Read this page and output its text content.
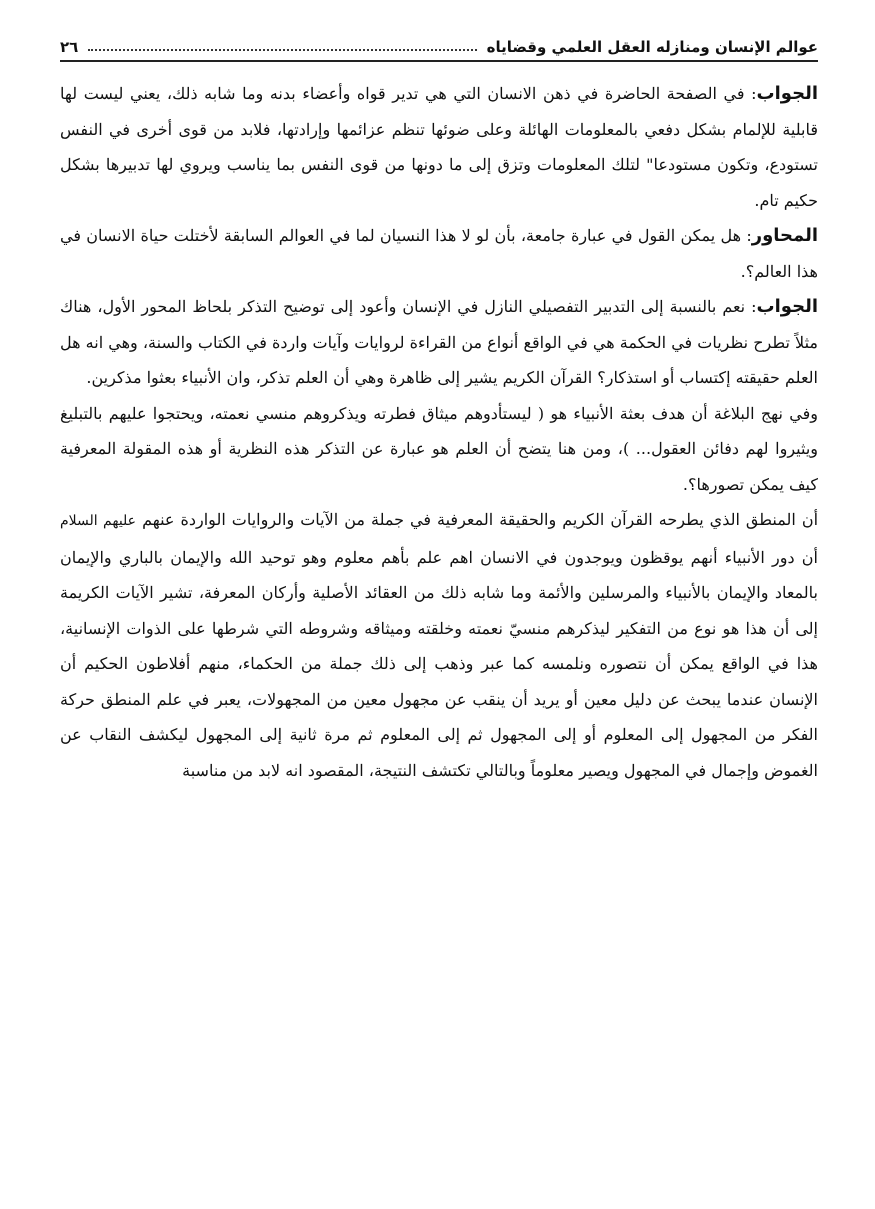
عوالم الإنسان ومنازله العقل العلمي وقضاياه
٢٦

الجواب: في الصفحة الحاضرة في ذهن الانسان التي هي تدير قواه وأعضاء بدنه وما شابه ذلك، يعني ليست لها قابلية للإلمام بشكل دفعي بالمعلومات الهائلة وعلى ضوئها تنظم عزائمها وإرادتها، فلابد من قوى أخرى في النفس تستودع، وتكون مستودعا" لتلك المعلومات وتزق إلى ما دونها من قوى النفس بما يناسب ويروي لها تدبيرها بشكل حكيم تام.

المحاور: هل يمكن القول في عبارة جامعة، بأن لو لا هذا النسيان لما في العوالم السابقة لأختلت حياة الانسان في هذا العالم؟.

الجواب: نعم بالنسبة إلى التدبير التفصيلي النازل في الإنسان وأعود إلى توضيح التذكر بلحاظ المحور الأول، هناك مثلاً تطرح نظريات في الحكمة هي في الواقع أنواع من القراءة لروايات وآيات واردة في الكتاب والسنة، وهي انه هل العلم حقيقته إكتساب أو استذكار؟ القرآن الكريم يشير إلى ظاهرة وهي أن العلم تذكر، وان الأنبياء بعثوا مذكرين.

وفي نهج البلاغة أن هدف بعثة الأنبياء هو ( ليستأدوهم ميثاق فطرته ويذكروهم منسي نعمته، ويحتجوا عليهم بالتبليغ ويثيروا لهم دفائن العقول... )، ومن هنا يتضح أن العلم هو عبارة عن التذكر هذه النظرية أو هذه المقولة المعرفية كيف يمكن تصورها؟.

أن المنطق الذي يطرحه القرآن الكريم والحقيقة المعرفية في جملة من الآيات والروايات الواردة عنهم عليهم السلام أن دور الأنبياء أنهم يوقظون ويوجدون في الانسان اهم علم بأهم معلوم وهو توحيد الله والإيمان بالباري والإيمان بالمعاد والإيمان بالأنبياء والمرسلين والأئمة وما شابه ذلك من العقائد الأصلية وأركان المعرفة، تشير الآيات الكريمة إلى أن هذا هو نوع من التفكير ليذكرهم منسيّ نعمته وخلقته وميثاقه وشروطه التي شرطها على الذوات الإنسانية، هذا في الواقع يمكن أن نتصوره ونلمسه كما عبر وذهب إلى ذلك جملة من الحكماء، منهم أفلاطون الحكيم أن الإنسان عندما يبحث عن دليل معين أو يريد أن ينقب عن مجهول معين من المجهولات، يعبر في علم المنطق حركة الفكر من المجهول إلى المعلوم أو إلى المجهول ثم إلى المعلوم ثم مرة ثانية إلى المجهول ليكشف النقاب عن الغموض وإجمال في المجهول ويصير معلوماً وبالتالي تكتشف النتيجة، المقصود انه لابد من مناسبة
